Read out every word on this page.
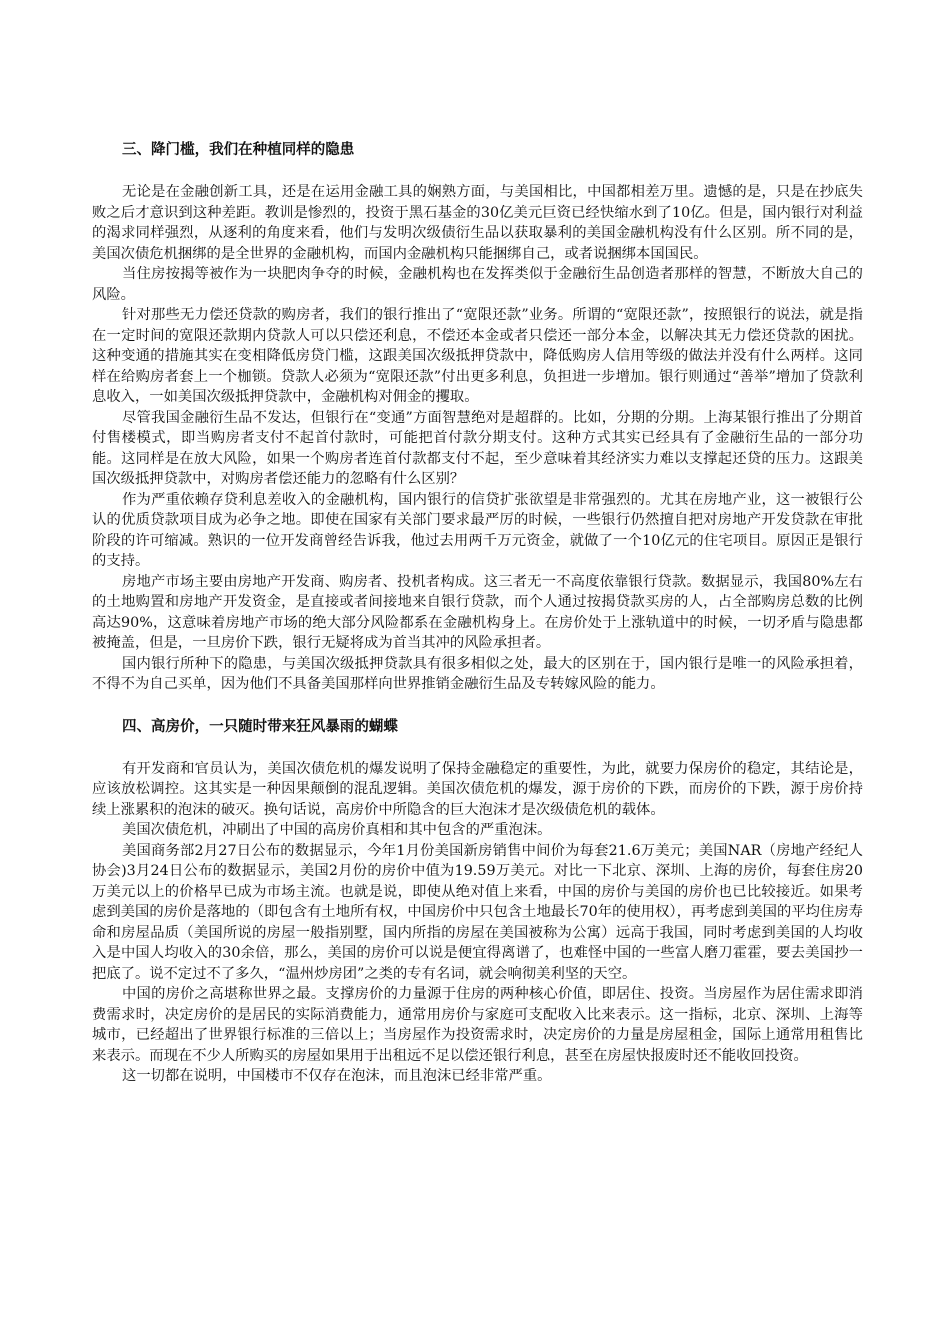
三、降门槛，我们在种植同样的隐患

无论是在金融创新工具，还是在运用金融工具的娴熟方面，与美国相比，中国都相差万里。遗憾的是，只是在抄底失败之后才意识到这种差距。教训是惨烈的，投资于黑石基金的30亿美元巨资已经快缩水到了10亿。但是，国内银行对利益的渴求同样强烈，从逐利的角度来看，他们与发明次级债衍生品以获取暴利的美国金融机构没有什么区别。所不同的是，美国次债危机捆绑的是全世界的金融机构，而国内金融机构只能捆绑自己，或者说捆绑本国国民。

当住房按揭等被作为一块肥肉争夺的时候，金融机构也在发挥类似于金融衍生品创造者那样的智慧，不断放大自己的风险。

针对那些无力偿还贷款的购房者，我们的银行推出了“宽限还款”业务。所谓的“宽限还款”，按照银行的说法，就是指在一定时间的宽限还款期内贷款人可以只偿还利息，不偿还本金或者只偿还一部分本金，以解决其无力偿还贷款的困扰。这种变通的措施其实在变相降低房贷门槛，这跟美国次级抵押贷款中，降低购房人信用等级的做法并没有什么两样。这同样在给购房者套上一个枷锁。贷款人必须为“宽限还款”付出更多利息，负担进一步增加。银行则通过“善举”增加了贷款利息收入，一如美国次级抵押贷款中，金融机构对佣金的攫取。

尽管我国金融衍生品不发达，但银行在“变通”方面智慧绝对是超群的。比如，分期的分期。上海某银行推出了分期首付售楼模式，即当购房者支付不起首付款时，可能把首付款分期支付。这种方式其实已经具有了金融衍生品的一部分功能。这同样是在放大风险，如果一个购房者连首付款都支付不起，至少意味着其经济实力难以支撑起还贷的压力。这跟美国次级抵押贷款中，对购房者偿还能力的忽略有什么区别？

作为严重依赖存贷利息差收入的金融机构，国内银行的信贷扩张欲望是非常强烈的。尤其在房地产业，这一被银行公认的优质贷款项目成为必争之地。即使在国家有关部门要求最严厉的时候，一些银行仍然擅自把对房地产开发贷款在审批阶段的许可缩减。熟识的一位开发商曾经告诉我，他过去用两千万元资金，就做了一个10亿元的住宅项目。原因正是银行的支持。

房地产市场主要由房地产开发商、购房者、投机者构成。这三者无一不高度依靠银行贷款。数据显示，我国80%左右的土地购置和房地产开发资金，是直接或者间接地来自银行贷款，而个人通过按揭贷款买房的人，占全部购房总数的比例高达90%，这意味着房地产市场的绝大部分风险都系在金融机构身上。在房价处于上涨轨道中的时候，一切矛盾与隐患都被掩盖，但是，一旦房价下跌，银行无疑将成为首当其冲的风险承担者。

国内银行所种下的隐患，与美国次级抵押贷款具有很多相似之处，最大的区别在于，国内银行是唯一的风险承担着，不得不为自己买单，因为他们不具备美国那样向世界推销金融衍生品及专转嫁风险的能力。

四、高房价，一只随时带来狂风暴雨的蝴蝶

有开发商和官员认为，美国次债危机的爆发说明了保持金融稳定的重要性，为此，就要力保房价的稳定，其结论是，应该放松调控。这其实是一种因果颠倒的混乱逻辑。美国次债危机的爆发，源于房价的下跌，而房价的下跌，源于房价持续上涨累积的泡沫的破灭。换句话说，高房价中所隐含的巨大泡沫才是次级债危机的载体。

美国次债危机，冲刷出了中国的高房价真相和其中包含的严重泡沫。

美国商务部2月27日公布的数据显示，今年1月份美国新房销售中间价为每套21.6万美元；美国NAR（房地产经纪人协会)3月24日公布的数据显示，美国2月份的房价中值为19.59万美元。对比一下北京、深圳、上海的房价，每套住房20万美元以上的价格早已成为市场主流。也就是说，即使从绝对值上来看，中国的房价与美国的房价也已比较接近。如果考虑到美国的房价是落地的（即包含有土地所有权，中国房价中只包含土地最长70年的使用权），再考虑到美国的平均住房寿命和房屋品质（美国所说的房屋一般指别墅，国内所指的房屋在美国被称为公寓）远高于我国，同时考虑到美国的人均收入是中国人均收入的30余倍，那么，美国的房价可以说是便宜得离谱了，也难怪中国的一些富人磨刀霍霍，要去美国抄一把底了。说不定过不了多久，“温州炒房团”之类的专有名词，就会响彻美利坚的天空。

中国的房价之高堪称世界之最。支撑房价的力量源于住房的两种核心价值，即居住、投资。当房屋作为居住需求即消费需求时，决定房价的是居民的实际消费能力，通常用房价与家庭可支配收入比来表示。这一指标，北京、深圳、上海等城市，已经超出了世界银行标准的三倍以上；当房屋作为投资需求时，决定房价的力量是房屋租金，国际上通常用租售比来表示。而现在不少人所购买的房屋如果用于出租远不足以偿还银行利息，甚至在房屋快报废时还不能收回投资。

这一切都在说明，中国楼市不仅存在泡沫，而且泡沫已经非常严重。
